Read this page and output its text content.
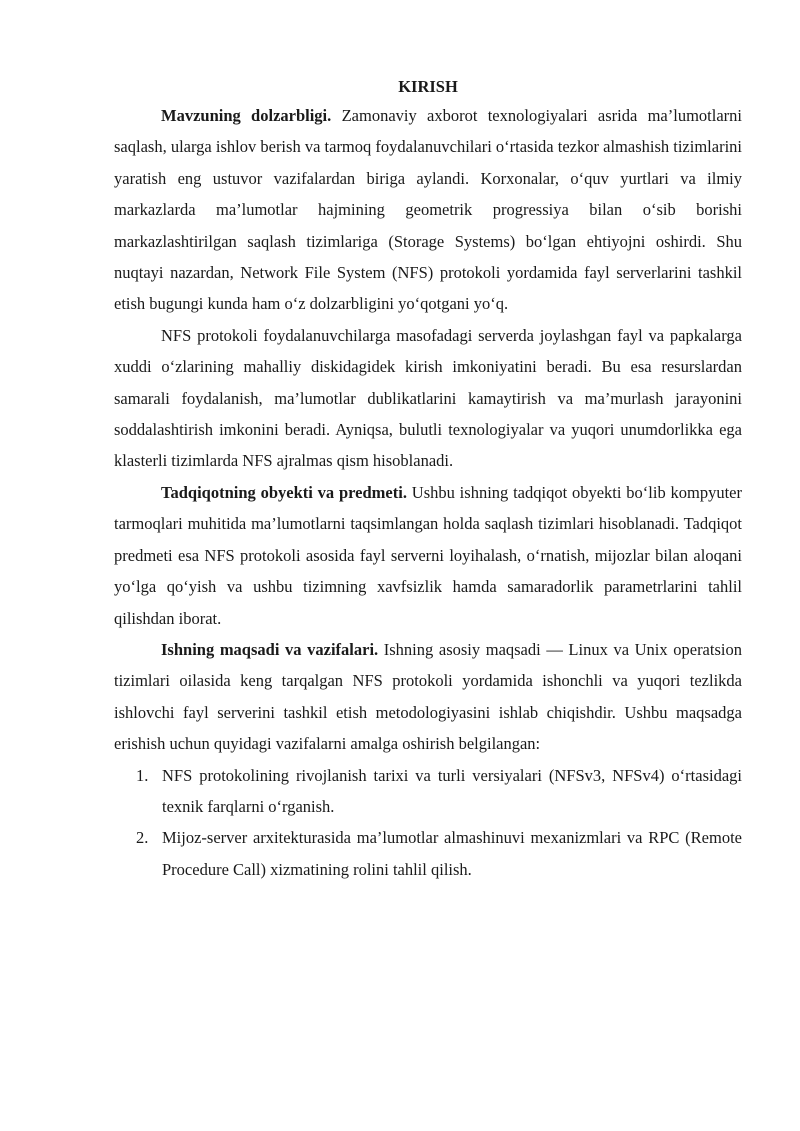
KIRISH

Mavzuning dolzarbligi. Zamonaviy axborot texnologiyalari asrida ma’lumotlarni saqlash, ularga ishlov berish va tarmoq foydalanuvchilari o‘rtasida tezkor almashish tizimlarini yaratish eng ustuvor vazifalardan biriga aylandi. Korxonalar, o‘quv yurtlari va ilmiy markazlarda ma’lumotlar hajmining geometrik progressiya bilan o‘sib borishi markazlashtirilgan saqlash tizimlariga (Storage Systems) bo‘lgan ehtiyojni oshirdi. Shu nuqtayi nazardan, Network File System (NFS) protokoli yordamida fayl serverlarini tashkil etish bugungi kunda ham o‘z dolzarbligini yo‘qotgani yo‘q.

NFS protokoli foydalanuvchilarga masofadagi serverda joylashgan fayl va papkalarga xuddi o‘zlarining mahalliy diskidagidek kirish imkoniyatini beradi. Bu esa resurslardan samarali foydalanish, ma’lumotlar dublikatlarini kamaytirish va ma’murlash jarayonini soddalashtirish imkonini beradi. Ayniqsa, bulutli texnologiyalar va yuqori unumdorlikka ega klasterli tizimlarda NFS ajralmas qism hisoblanadi.

Tadqiqotning obyekti va predmeti. Ushbu ishning tadqiqot obyekti bo‘lib kompyuter tarmoqlari muhitida ma’lumotlarni taqsimlangan holda saqlash tizimlari hisoblanadi. Tadqiqot predmeti esa NFS protokoli asosida fayl serverni loyihalash, o‘rnatish, mijozlar bilan aloqani yo‘lga qo‘yish va ushbu tizimning xavfsizlik hamda samaradorlik parametrlarini tahlil qilishdan iborat.

Ishning maqsadi va vazifalari. Ishning asosiy maqsadi — Linux va Unix operatsion tizimlari oilasida keng tarqalgan NFS protokoli yordamida ishonchli va yuqori tezlikda ishlovchi fayl serverini tashkil etish metodologiyasini ishlab chiqishdir. Ushbu maqsadga erishish uchun quyidagi vazifalarni amalga oshirish belgilangan:

1. NFS protokolining rivojlanish tarixi va turli versiyalari (NFSv3, NFSv4) o‘rtasidagi texnik farqlarni o‘rganish.
2. Mijoz-server arxitekturasida ma’lumotlar almashinuvi mexanizmlari va RPC (Remote Procedure Call) xizmatining rolini tahlil qilish.
